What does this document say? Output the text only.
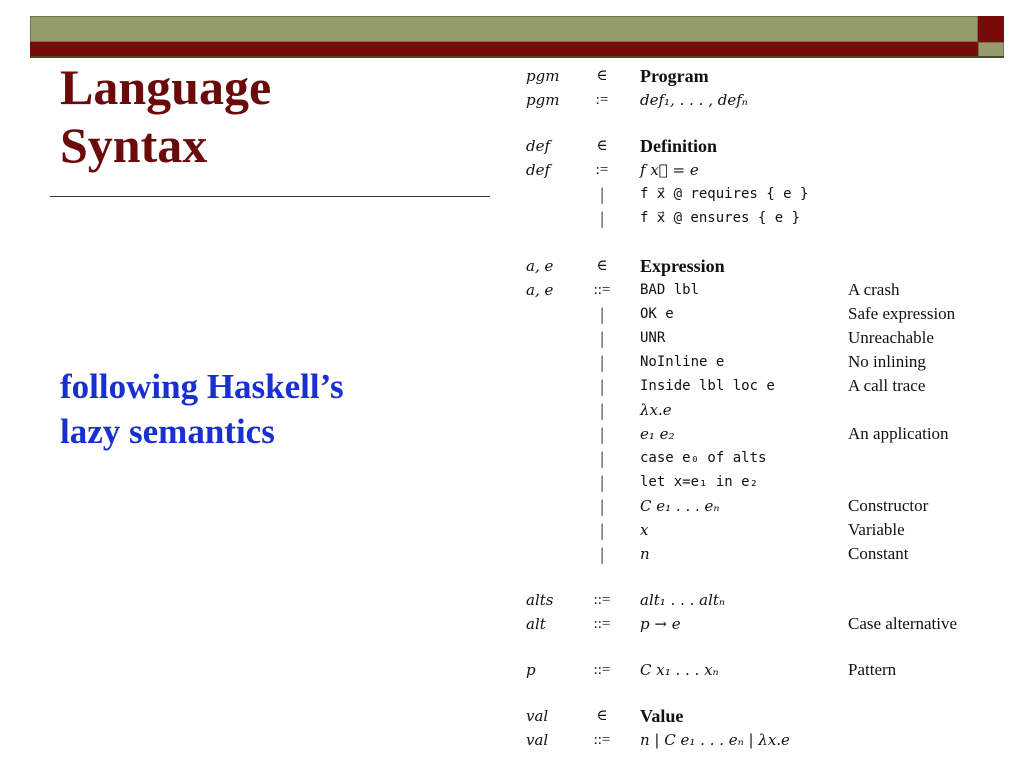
Language
Syntax

following Haskell’s
lazy semantics

pgm	∈	Program
pgm	:=	def₁, . . . , defₙ
def	∈	Definition
def	:=	f x⃗ = e
|	f x⃗ @ requires { e }
|	f x⃗ @ ensures { e }
a, e	∈	Expression
a, e	::=	BAD lbl	A crash
|	OK e	Safe expression
|	UNR	Unreachable
|	NoInline e	No inlining
|	Inside lbl loc e	A call trace
|	λx.e
|	e₁ e₂	An application
|	case e₀ of alts
|	let x=e₁ in e₂
|	C e₁ . . . eₙ	Constructor
|	x	Variable
|	n	Constant
alts	::=	alt₁ . . . altₙ
alt	::=	p → e	Case alternative
p	::=	C x₁ . . . xₙ	Pattern
val	∈	Value
val	::=	n | C e₁ . . . eₙ | λx.e
